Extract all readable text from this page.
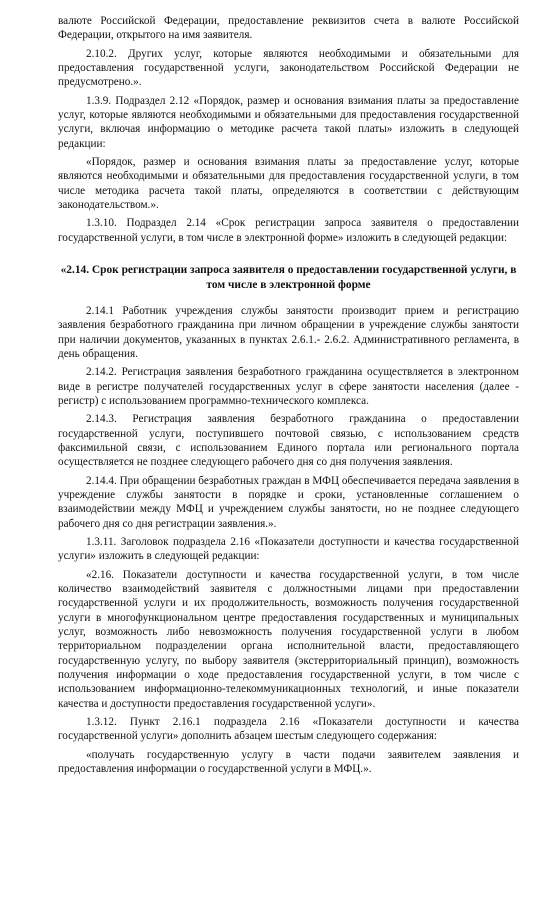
валюте Российской Федерации, предоставление реквизитов счета в валюте Российской Федерации, открытого на имя заявителя.

2.10.2. Других услуг, которые являются необходимыми и обязательными для предоставления государственной услуги, законодательством Российской Федерации не предусмотрено.».

1.3.9. Подраздел 2.12 «Порядок, размер и основания взимания платы за предоставление услуг, которые являются необходимыми и обязательными для предоставления государственной услуги, включая информацию о методике расчета такой платы» изложить в следующей редакции:

«Порядок, размер и основания взимания платы за предоставление услуг, которые являются необходимыми и обязательными для предоставления государственной услуги, в том числе методика расчета такой платы, определяются в соответствии с действующим законодательством.».

1.3.10. Подраздел 2.14 «Срок регистрации запроса заявителя о предоставлении государственной услуги, в том числе в электронной форме» изложить в следующей редакции:

«2.14. Срок регистрации запроса заявителя о предоставлении государственной услуги, в том числе в электронной форме

2.14.1 Работник учреждения службы занятости производит прием и регистрацию заявления безработного гражданина при личном обращении в учреждение службы занятости при наличии документов, указанных в пунктах 2.6.1.- 2.6.2. Административного регламента, в день обращения.

2.14.2. Регистрация заявления безработного гражданина осуществляется в электронном виде в регистре получателей государственных услуг в сфере занятости населения (далее - регистр) с использованием программно-технического комплекса.

2.14.3. Регистрация заявления безработного гражданина о предоставлении государственной услуги, поступившего почтовой связью, с использованием средств факсимильной связи, с использованием Единого портала или регионального портала осуществляется не позднее следующего рабочего дня со дня получения заявления.

2.14.4. При обращении безработных граждан в МФЦ обеспечивается передача заявления в учреждение службы занятости в порядке и сроки, установленные соглашением о взаимодействии между МФЦ и учреждением службы занятости, но не позднее следующего рабочего дня со дня регистрации заявления.».

1.3.11. Заголовок подраздела 2.16 «Показатели доступности и качества государственной услуги» изложить в следующей редакции:

«2.16. Показатели доступности и качества государственной услуги, в том числе количество взаимодействий заявителя с должностными лицами при предоставлении государственной услуги и их продолжительность, возможность получения государственной услуги в многофункциональном центре предоставления государственных и муниципальных услуг, возможность либо невозможность получения государственной услуги в любом территориальном подразделении органа исполнительной власти, предоставляющего государственную услугу, по выбору заявителя (экстерриториальный принцип), возможность получения информации о ходе предоставления государственной услуги, в том числе с использованием информационно-телекоммуникационных технологий, и иные показатели качества и доступности предоставления государственной услуги».

1.3.12. Пункт 2.16.1 подраздела 2.16 «Показатели доступности и качества государственной услуги» дополнить абзацем шестым следующего содержания:

«получать государственную услугу в части подачи заявителем заявления и предоставления информации о государственной услуги в МФЦ.».
